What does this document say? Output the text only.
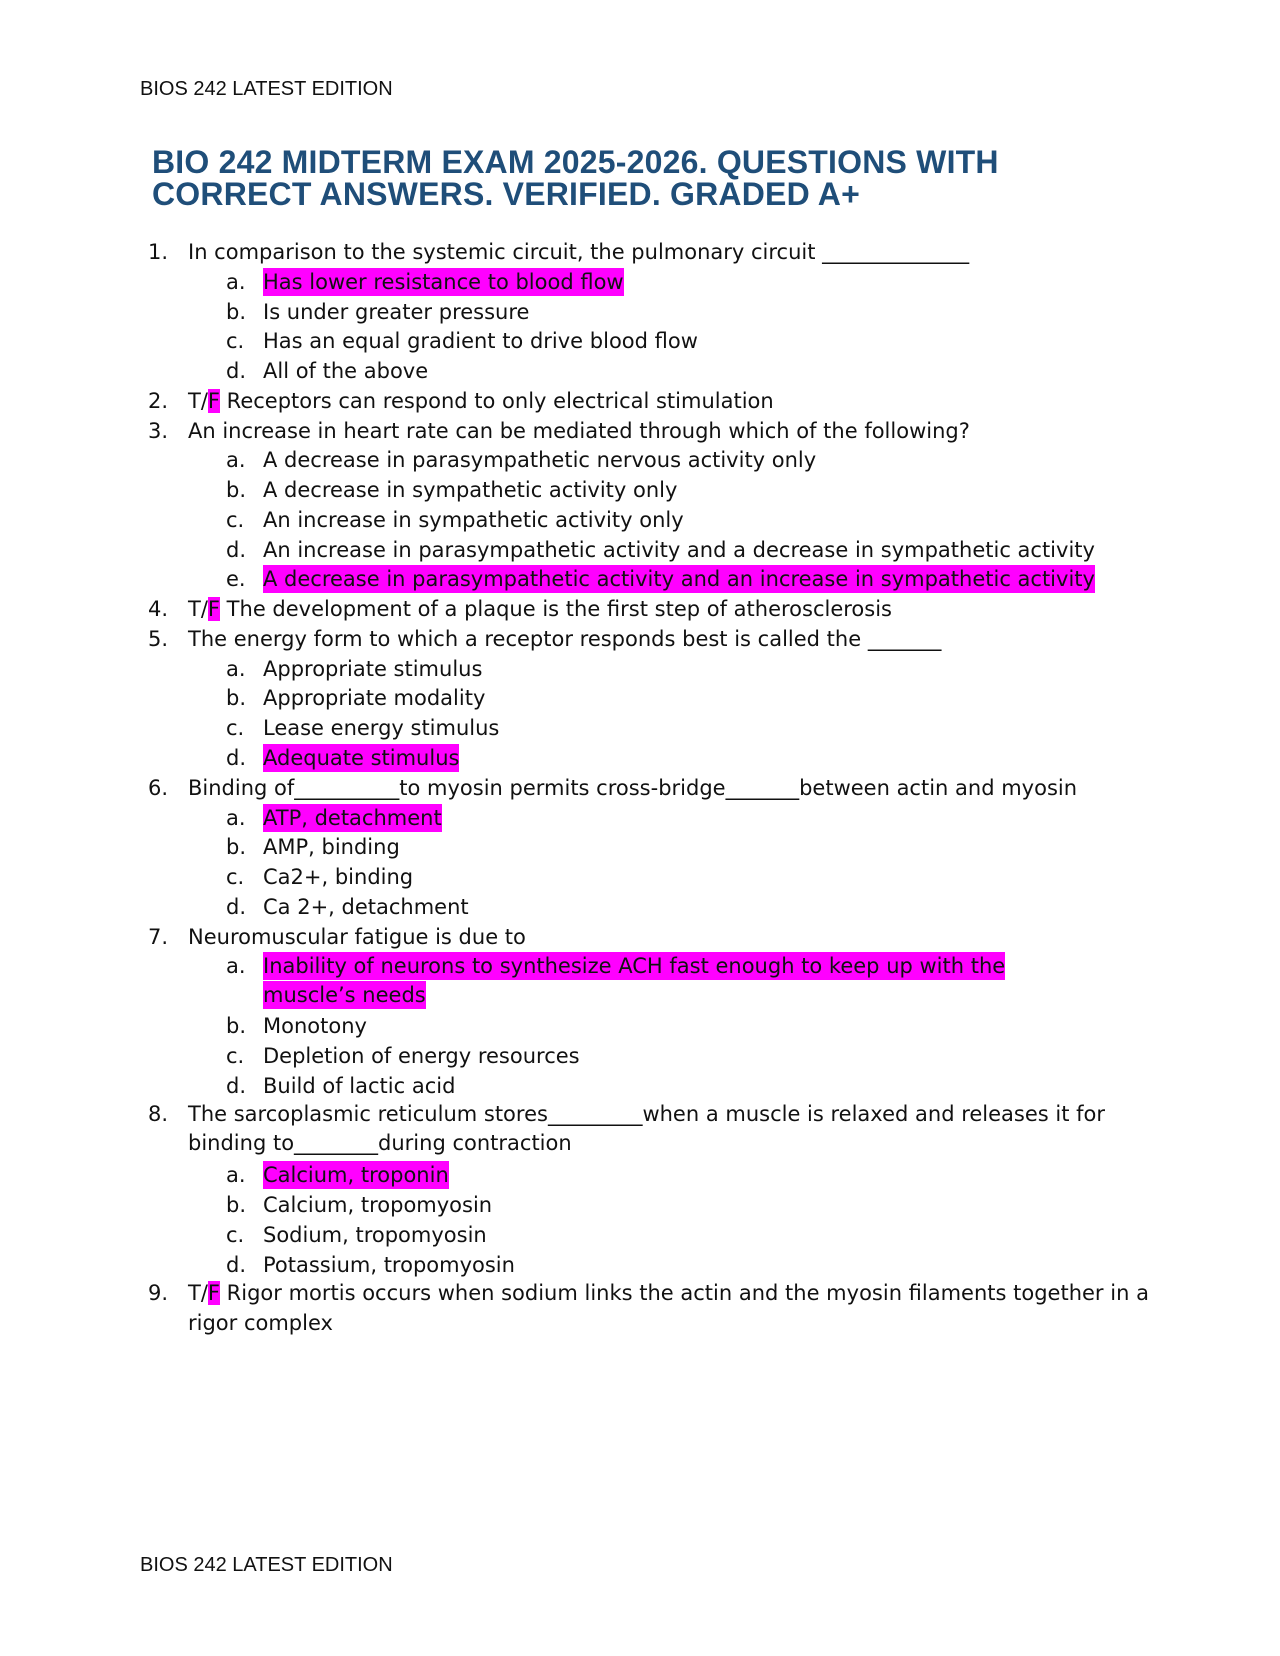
BIOS 242 LATEST EDITION
BIO 242 MIDTERM EXAM 2025-2026. QUESTIONS WITH
CORRECT ANSWERS. VERIFIED. GRADED A+
1. In comparison to the systemic circuit, the pulmonary circuit ______________
a. Has lower resistance to blood flow
b. Is under greater pressure
c. Has an equal gradient to drive blood flow
d. All of the above
2. T/F Receptors can respond to only electrical stimulation
3. An increase in heart rate can be mediated through which of the following?
a. A decrease in parasympathetic nervous activity only
b. A decrease in sympathetic activity only
c. An increase in sympathetic activity only
d. An increase in parasympathetic activity and a decrease in sympathetic activity
e. A decrease in parasympathetic activity and an increase in sympathetic activity
4. T/F The development of a plaque is the first step of atherosclerosis
5. The energy form to which a receptor responds best is called the _______
a. Appropriate stimulus
b. Appropriate modality
c. Lease energy stimulus
d. Adequate stimulus
6. Binding of__________to myosin permits cross-bridge_______between actin and myosin
a. ATP, detachment
b. AMP, binding
c. Ca2+, binding
d. Ca 2+, detachment
7. Neuromuscular fatigue is due to
a. Inability of neurons to synthesize ACH fast enough to keep up with the
muscle’s needs
b. Monotony
c. Depletion of energy resources
d. Build of lactic acid
8. The sarcoplasmic reticulum stores_________when a muscle is relaxed and releases it for
binding to________during contraction
a. Calcium, troponin
b. Calcium, tropomyosin
c. Sodium, tropomyosin
d. Potassium, tropomyosin
9. T/F Rigor mortis occurs when sodium links the actin and the myosin filaments together in a
rigor complex
BIOS 242 LATEST EDITION
